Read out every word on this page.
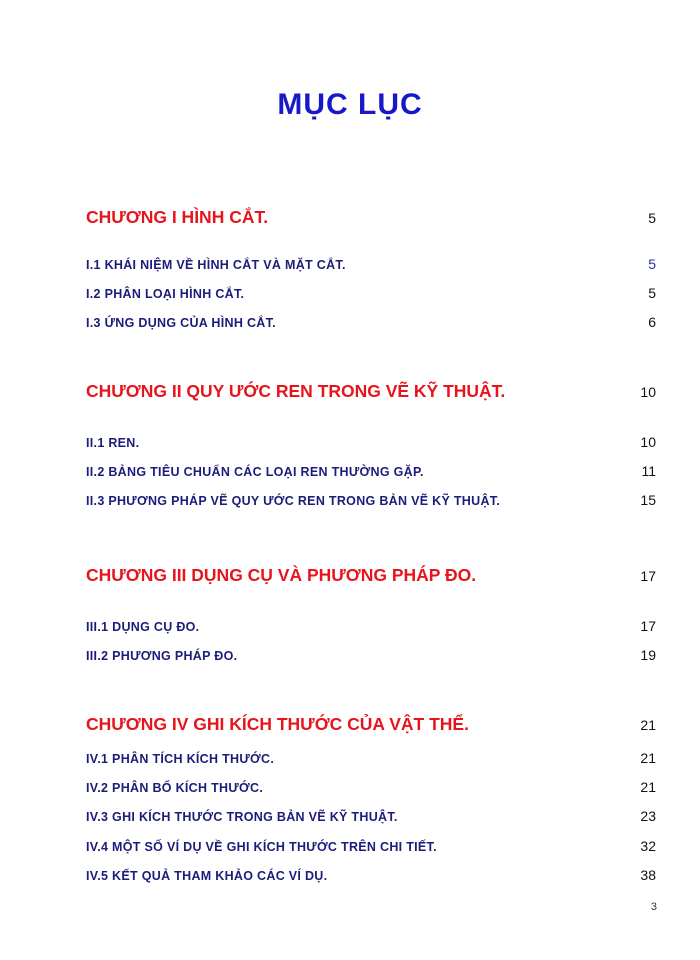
MỤC LỤC
CHƯƠNG I HÌNH CẮT.	5
I.1 KHÁI NIỆM VỀ HÌNH CẮT VÀ MẶT CẮT.	5
I.2 PHÂN LOẠI HÌNH CẮT.	5
I.3 ỨNG DỤNG CỦA HÌNH CẮT.	6
CHƯƠNG II QUY ƯỚC REN TRONG VẼ KỸ THUẬT.	10
II.1 REN.	10
II.2 BẢNG TIÊU CHUẨN CÁC LOẠI REN THƯỜNG GẶP.	11
II.3 PHƯƠNG PHÁP VẼ QUY ƯỚC REN TRONG BẢN VẼ KỸ THUẬT.	15
CHƯƠNG III DỤNG CỤ VÀ PHƯƠNG PHÁP ĐO.	17
III.1 DỤNG CỤ ĐO.	17
III.2 PHƯƠNG PHÁP ĐO.	19
CHƯƠNG IV GHI KÍCH THƯỚC CỦA VẬT THỂ.	21
IV.1 PHÂN TÍCH KÍCH THƯỚC.	21
IV.2 PHÂN BỐ KÍCH THƯỚC.	21
IV.3 GHI KÍCH THƯỚC TRONG BẢN VẼ KỸ THUẬT.	23
IV.4 MỘT SỐ VÍ DỤ VỀ GHI KÍCH THƯỚC TRÊN CHI TIẾT.	32
IV.5 KẾT QUẢ THAM KHẢO CÁC VÍ DỤ.	38
3
